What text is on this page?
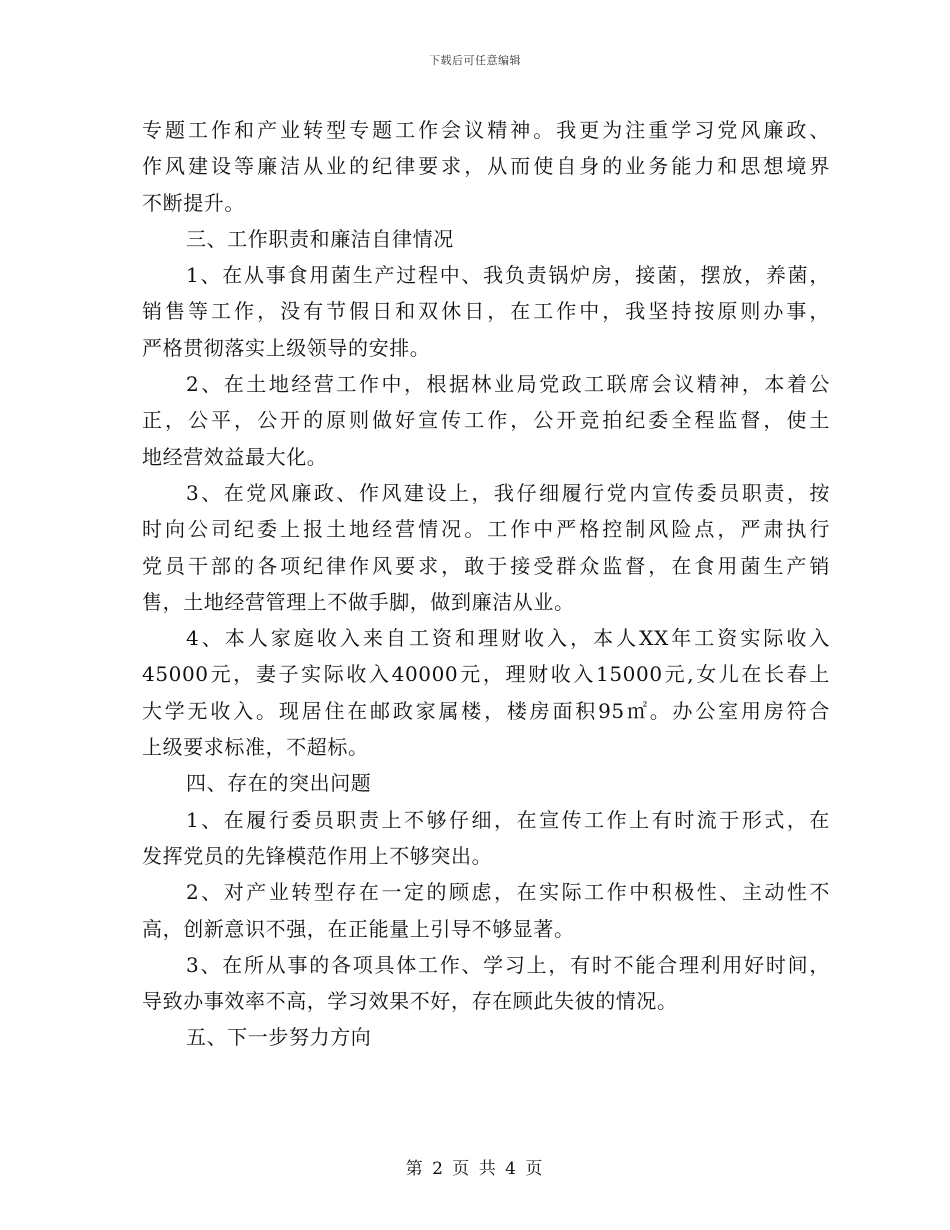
下载后可任意编辑
专题工作和产业转型专题工作会议精神。我更为注重学习党风廉政、
作风建设等廉洁从业的纪律要求，从而使自身的业务能力和思想境界
不断提升。
三、工作职责和廉洁自律情况
1、在从事食用菌生产过程中、我负责锅炉房，接菌，摆放，养菌，
销售等工作，没有节假日和双休日，在工作中，我坚持按原则办事，
严格贯彻落实上级领导的安排。
2、在土地经营工作中，根据林业局党政工联席会议精神，本着公
正，公平，公开的原则做好宣传工作，公开竞拍纪委全程监督，使土
地经营效益最大化。
3、在党风廉政、作风建设上，我仔细履行党内宣传委员职责，按
时向公司纪委上报土地经营情况。工作中严格控制风险点，严肃执行
党员干部的各项纪律作风要求，敢于接受群众监督，在食用菌生产销
售，土地经营管理上不做手脚，做到廉洁从业。
4、本人家庭收入来自工资和理财收入，本人XX年工资实际收入
45000元，妻子实际收入40000元，理财收入15000元,女儿在长春上
大学无收入。现居住在邮政家属楼，楼房面积95㎡。办公室用房符合
上级要求标准，不超标。
四、存在的突出问题
1、在履行委员职责上不够仔细，在宣传工作上有时流于形式，在
发挥党员的先锋模范作用上不够突出。
2、对产业转型存在一定的顾虑，在实际工作中积极性、主动性不
高，创新意识不强，在正能量上引导不够显著。
3、在所从事的各项具体工作、学习上，有时不能合理利用好时间，
导致办事效率不高，学习效果不好，存在顾此失彼的情况。
五、下一步努力方向
第 2 页 共 4 页
